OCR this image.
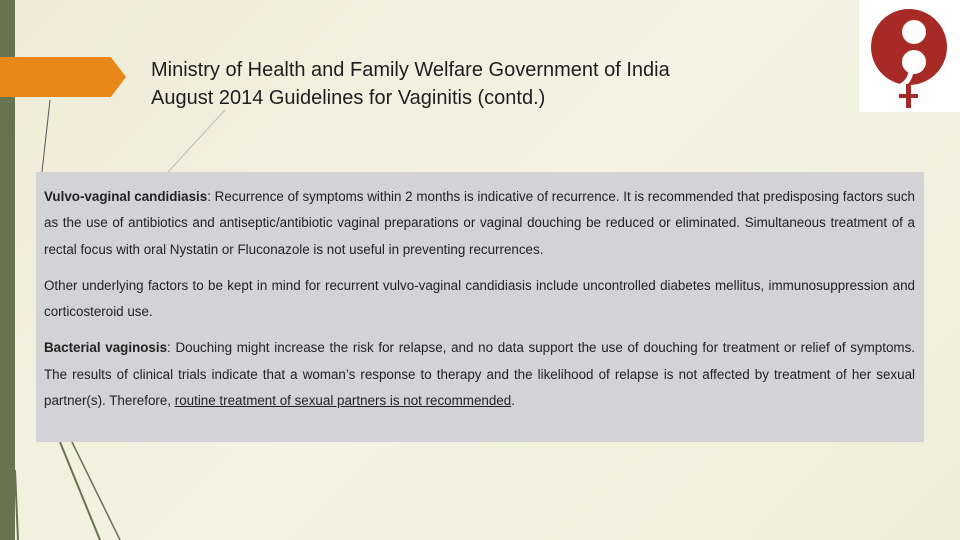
Ministry of Health and Family Welfare Government of India
August 2014 Guidelines for Vaginitis (contd.)

Vulvo-vaginal candidiasis: Recurrence of symptoms within 2 months is indicative of recurrence. It is recommended that predisposing factors such as the use of antibiotics and antiseptic/antibiotic vaginal preparations or vaginal douching be reduced or eliminated. Simultaneous treatment of a rectal focus with oral Nystatin or Fluconazole is not useful in preventing recurrences.

Other underlying factors to be kept in mind for recurrent vulvo-vaginal candidiasis include uncontrolled diabetes mellitus, immunosuppression and corticosteroid use.

Bacterial vaginosis: Douching might increase the risk for relapse, and no data support the use of douching for treatment or relief of symptoms. The results of clinical trials indicate that a woman’s response to therapy and the likelihood of relapse is not affected by treatment of her sexual partner(s). Therefore, routine treatment of sexual partners is not recommended.
